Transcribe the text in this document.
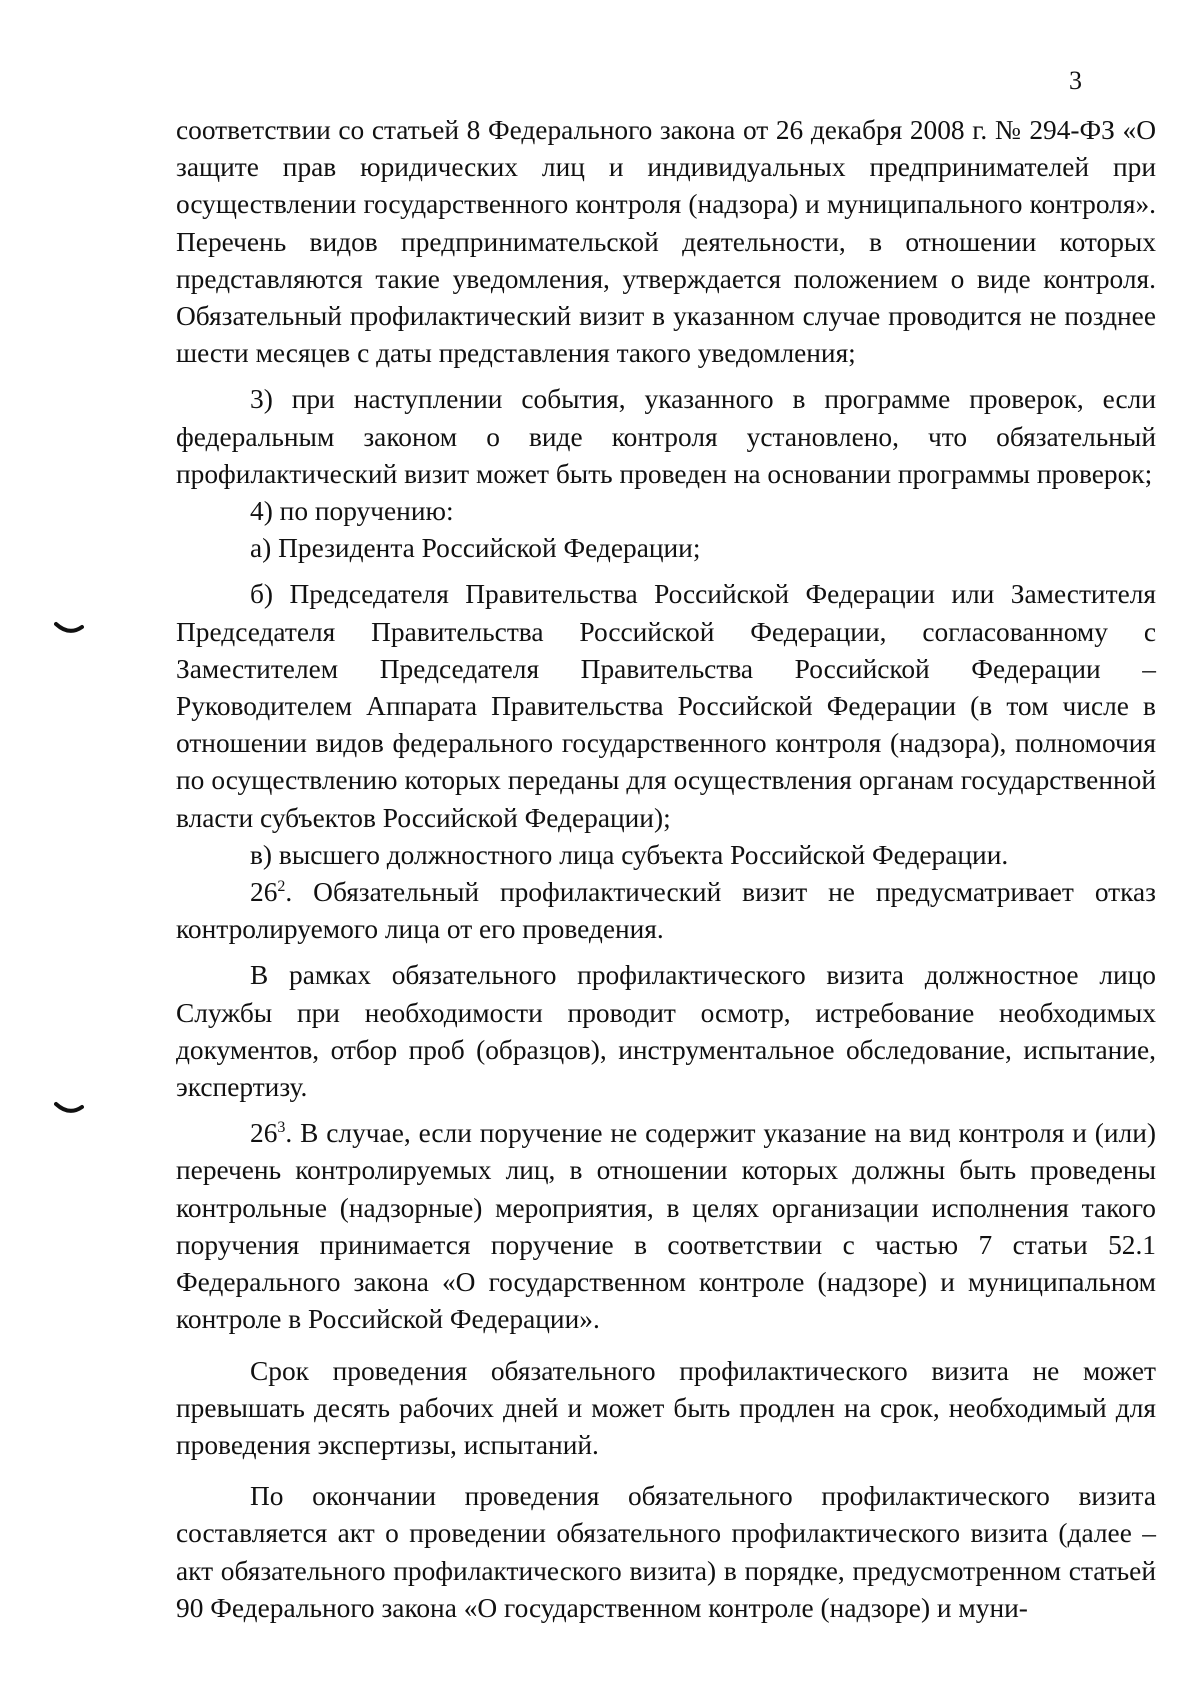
3

соответствии со статьей 8 Федерального закона от 26 декабря 2008 г. № 294-ФЗ «О защите прав юридических лиц и индивидуальных предпринимателей при осуществлении государственного контроля (надзора) и муниципального контроля». Перечень видов предпринимательской деятельности, в отношении которых представляются такие уведомления, утверждается положением о виде контроля. Обязательный профилактический визит в указанном случае проводится не позднее шести месяцев с даты представления такого уведомления;

3) при наступлении события, указанного в программе проверок, если федеральным законом о виде контроля установлено, что обязательный профилактический визит может быть проведен на основании программы проверок;

4) по поручению:

а) Президента Российской Федерации;

б) Председателя Правительства Российской Федерации или Заместителя Председателя Правительства Российской Федерации, согласованному с Заместителем Председателя Правительства Российской Федерации – Руководителем Аппарата Правительства Российской Федерации (в том числе в отношении видов федерального государственного контроля (надзора), полномочия по осуществлению которых переданы для осуществления органам государственной власти субъектов Российской Федерации);

в) высшего должностного лица субъекта Российской Федерации.

$26^2$. Обязательный профилактический визит не предусматривает отказ контролируемого лица от его проведения.

В рамках обязательного профилактического визита должностное лицо Службы при необходимости проводит осмотр, истребование необходимых документов, отбор проб (образцов), инструментальное обследование, испытание, экспертизу.

$26^3$. В случае, если поручение не содержит указание на вид контроля и (или) перечень контролируемых лиц, в отношении которых должны быть проведены контрольные (надзорные) мероприятия, в целях организации исполнения такого поручения принимается поручение в соответствии с частью 7 статьи 52.1 Федерального закона «О государственном контроле (надзоре) и муниципальном контроле в Российской Федерации».

Срок проведения обязательного профилактического визита не может превышать десять рабочих дней и может быть продлен на срок, необходимый для проведения экспертизы, испытаний.

По окончании проведения обязательного профилактического визита составляется акт о проведении обязательного профилактического визита (далее – акт обязательного профилактического визита) в порядке, предусмотренном статьей 90 Федерального закона «О государственном контроле (надзоре) и муни-
